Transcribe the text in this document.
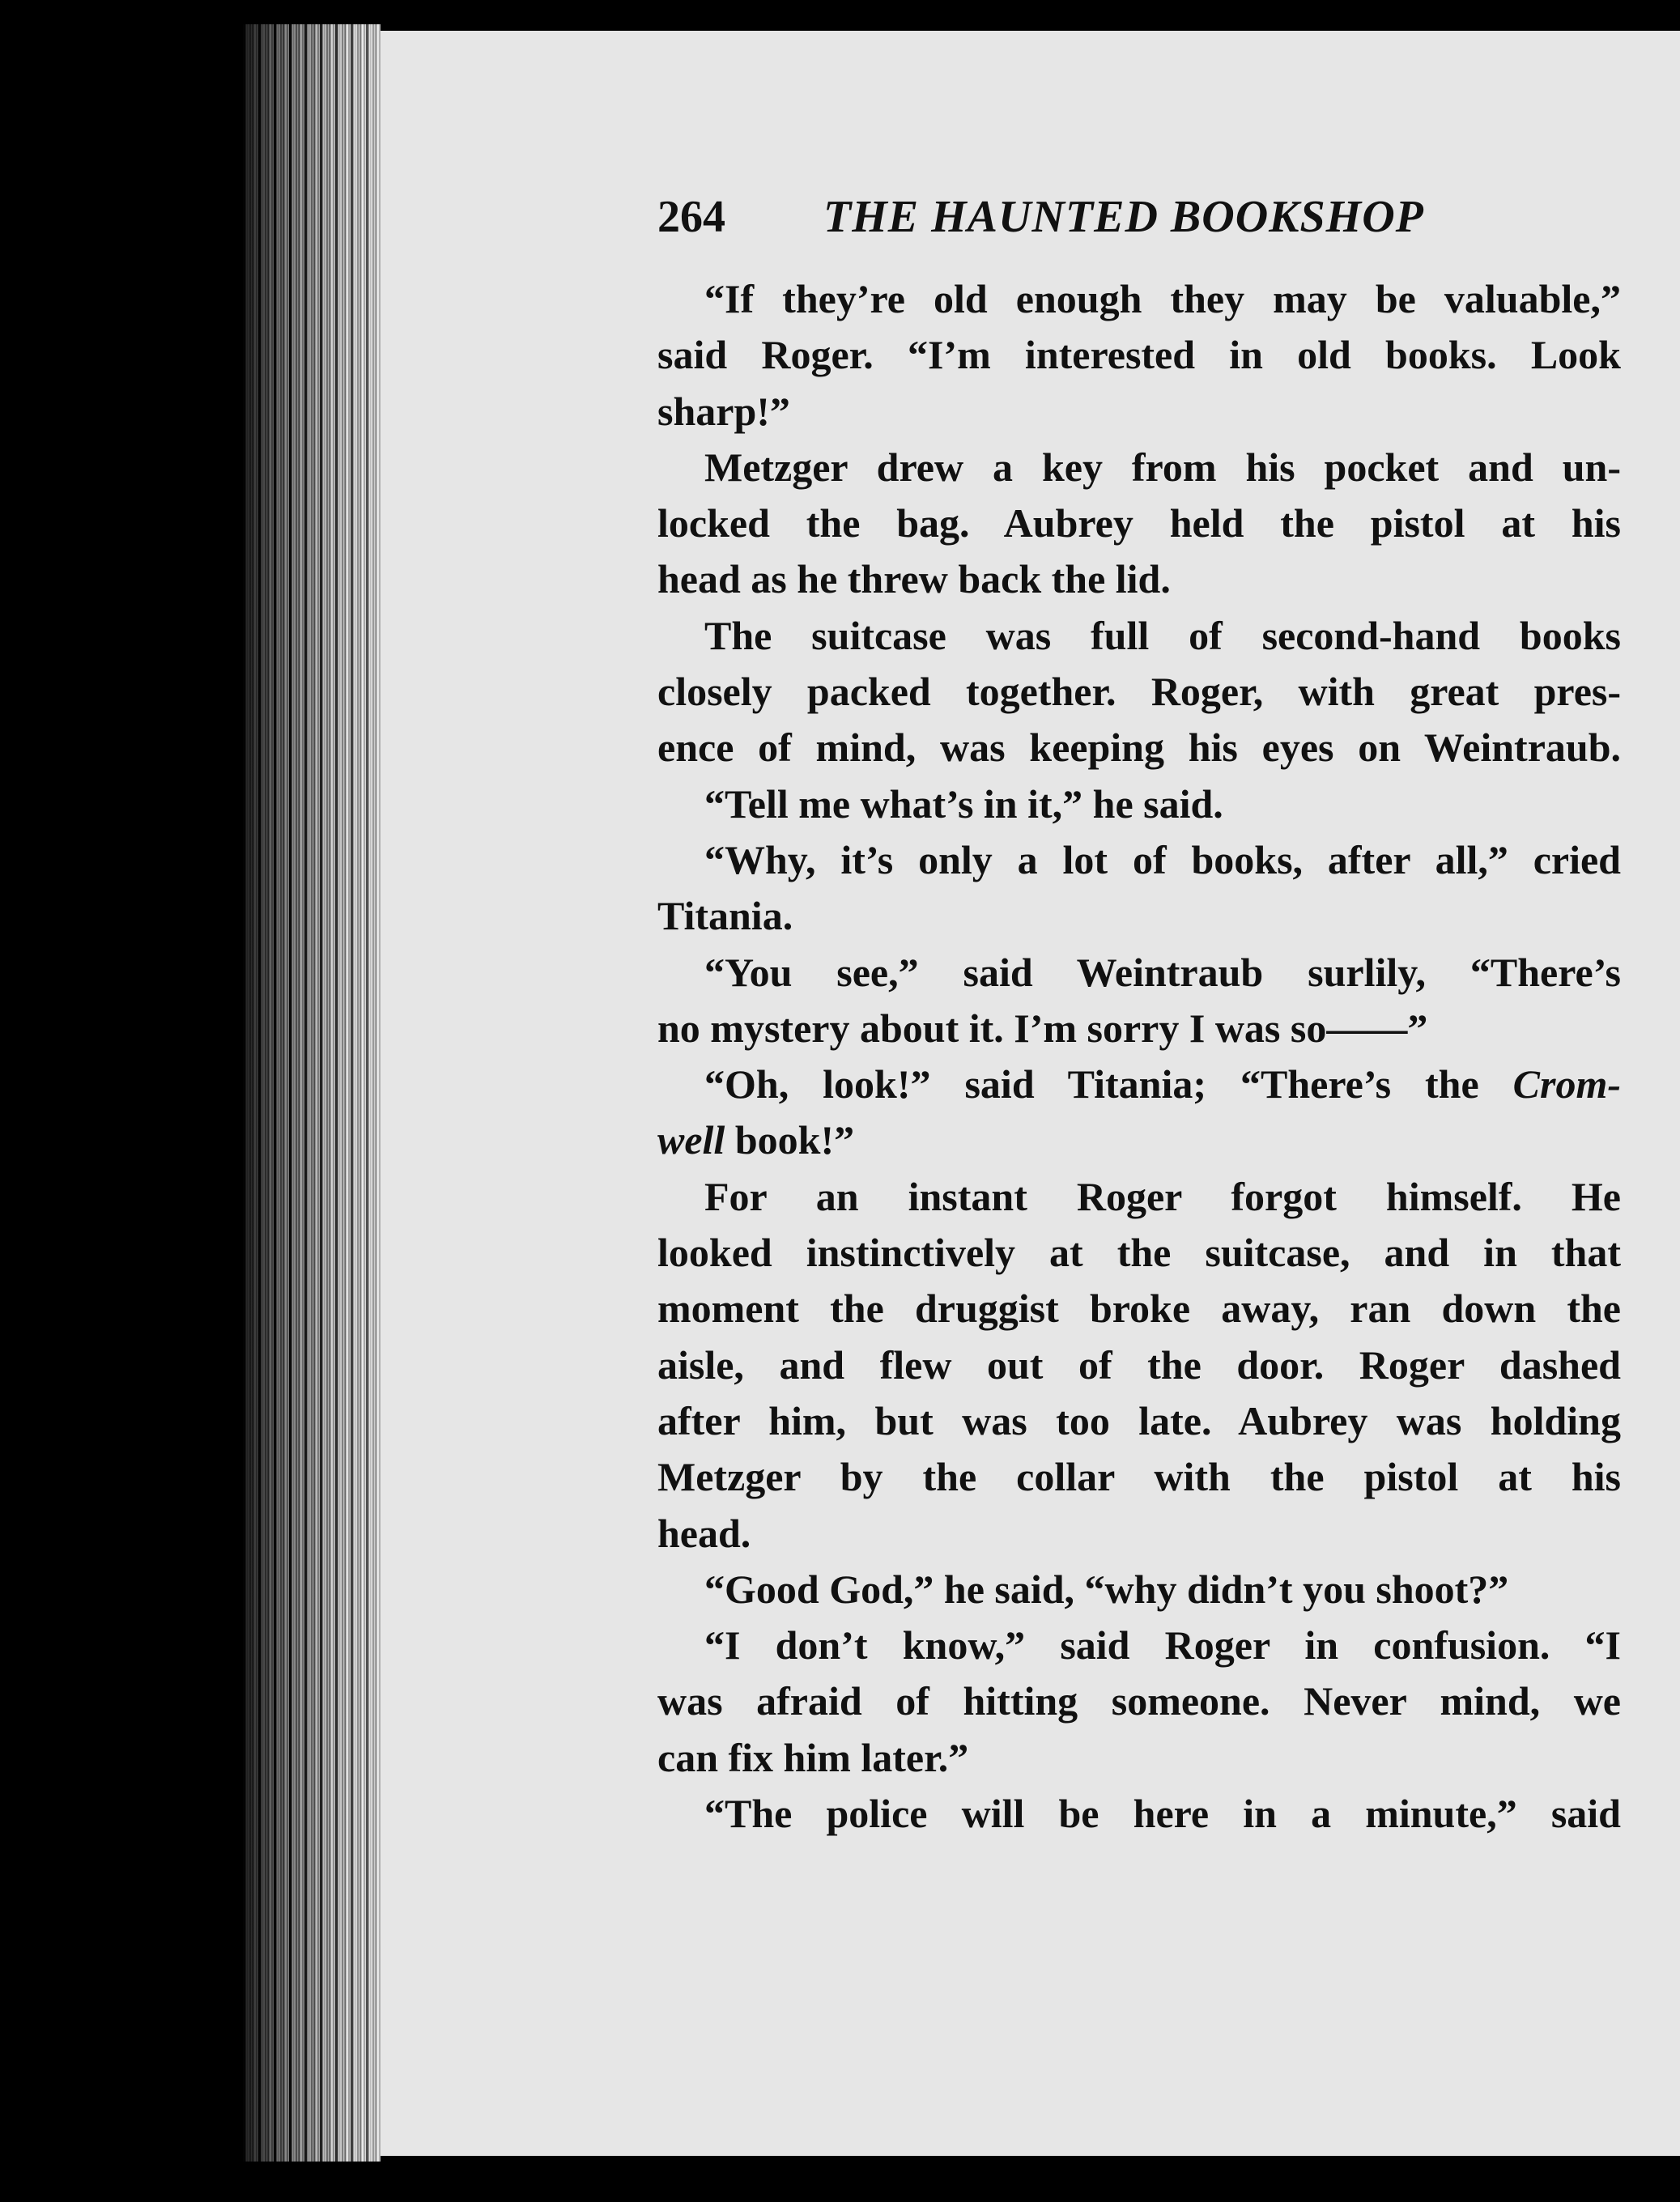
264 THE HAUNTED BOOKSHOP
“If they’re old enough they may be valuable,”
said Roger. “I’m interested in old books. Look
sharp!”
Metzger drew a key from his pocket and un-
locked the bag. Aubrey held the pistol at his
head as he threw back the lid.
The suitcase was full of second-hand books
closely packed together. Roger, with great pres-
ence of mind, was keeping his eyes on Weintraub.
“Tell me what’s in it,” he said.
“Why, it’s only a lot of books, after all,” cried
Titania.
“You see,” said Weintraub surlily, “There’s
no mystery about it. I’m sorry I was so——”
“Oh, look!” said Titania; “There’s the Crom-
well book!”
For an instant Roger forgot himself. He
looked instinctively at the suitcase, and in that
moment the druggist broke away, ran down the
aisle, and flew out of the door. Roger dashed
after him, but was too late. Aubrey was holding
Metzger by the collar with the pistol at his
head.
“Good God,” he said, “why didn’t you shoot?”
“I don’t know,” said Roger in confusion. “I
was afraid of hitting someone. Never mind, we
can fix him later.”
“The police will be here in a minute,” said
